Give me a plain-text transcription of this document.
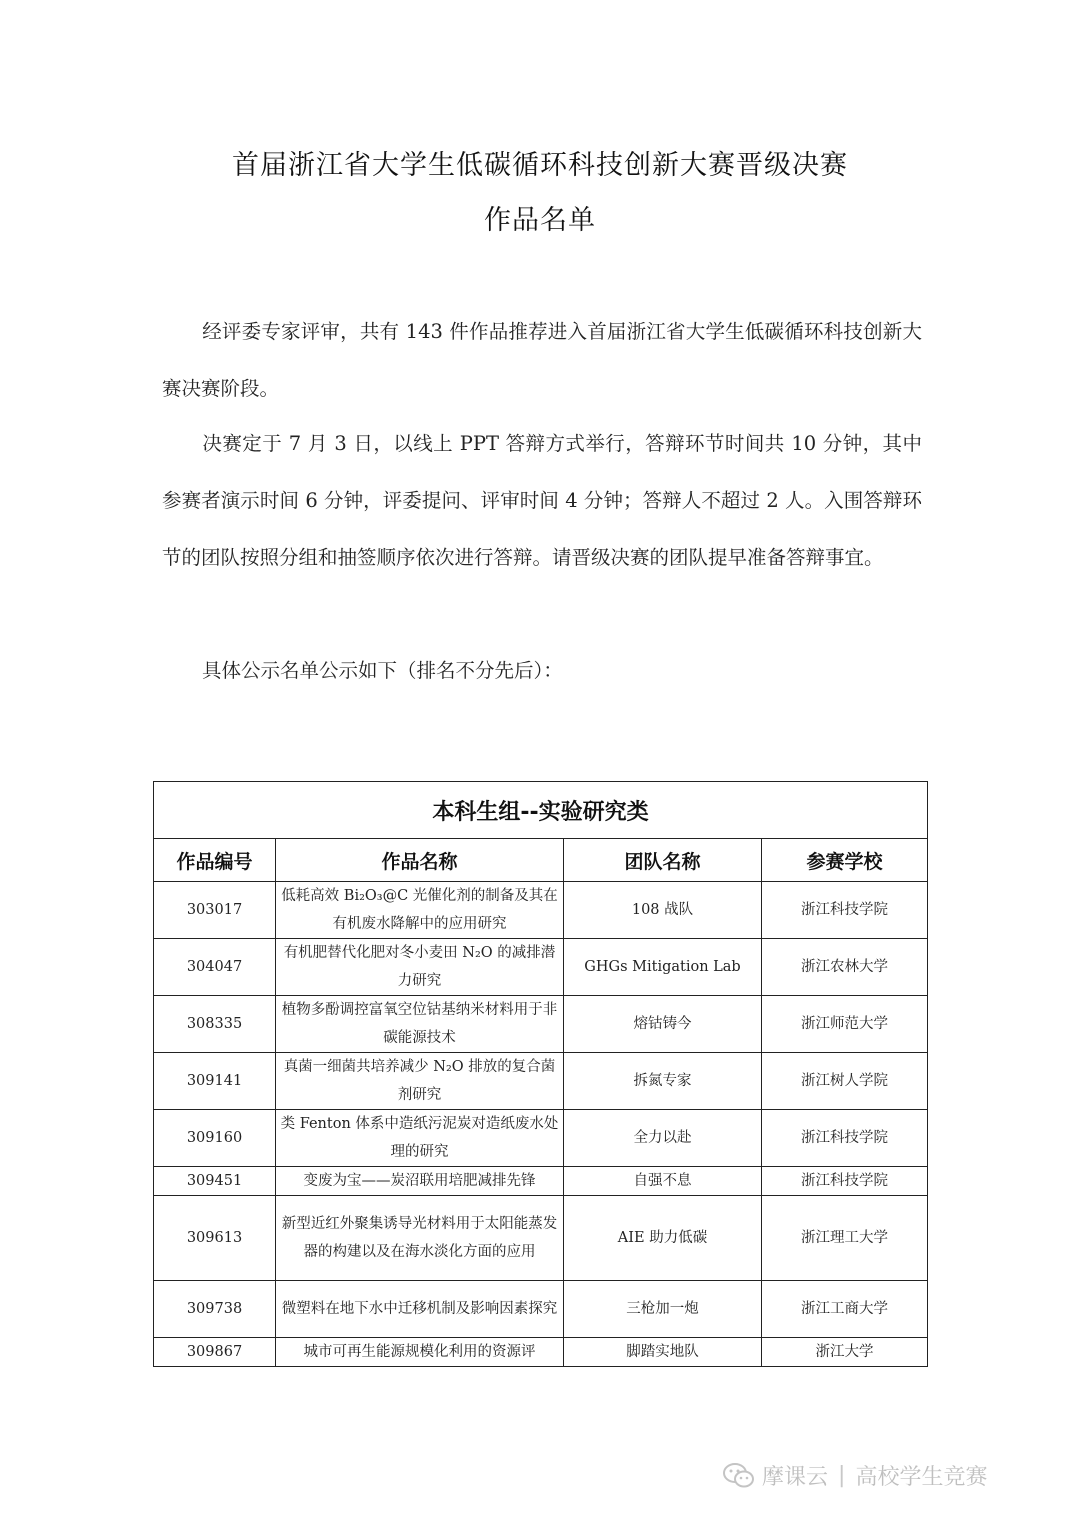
首届浙江省大学生低碳循环科技创新大赛晋级决赛
作品名单
经评委专家评审，共有 143 件作品推荐进入首届浙江省大学生低碳循环科技创新大赛决赛阶段。
决赛定于 7 月 3 日，以线上 PPT 答辩方式举行，答辩环节时间共 10 分钟，其中参赛者演示时间 6 分钟，评委提问、评审时间 4 分钟；答辩人不超过 2 人。入围答辩环节的团队按照分组和抽签顺序依次进行答辩。请晋级决赛的团队提早准备答辩事宜。
具体公示名单公示如下（排名不分先后）：
本科生组--实验研究类			
作品编号	作品名称	团队名称	参赛学校
303017	低耗高效 Bi₂O₃@C 光催化剂的制备及其在有机废水降解中的应用研究	108 战队	浙江科技学院
304047	有机肥替代化肥对冬小麦田 N₂O 的减排潜力研究	GHGs Mitigation Lab	浙江农林大学
308335	植物多酚调控富氧空位钴基纳米材料用于非碳能源技术	熔钴铸今	浙江师范大学
309141	真菌一细菌共培养减少 N₂O 排放的复合菌剂研究	拆氮专家	浙江树人学院
309160	类 Fenton 体系中造纸污泥炭对造纸废水处理的研究	全力以赴	浙江科技学院
309451	变废为宝——炭沼联用培肥减排先锋	自强不息	浙江科技学院
309613	新型近红外聚集诱导光材料用于太阳能蒸发器的构建以及在海水淡化方面的应用	AIE 助力低碳	浙江理工大学
309738	微塑料在地下水中迁移机制及影响因素探究	三枪加一炮	浙江工商大学
309867	城市可再生能源规模化利用的资源评	脚踏实地队	浙江大学
摩课云 | 高校学生竞赛
